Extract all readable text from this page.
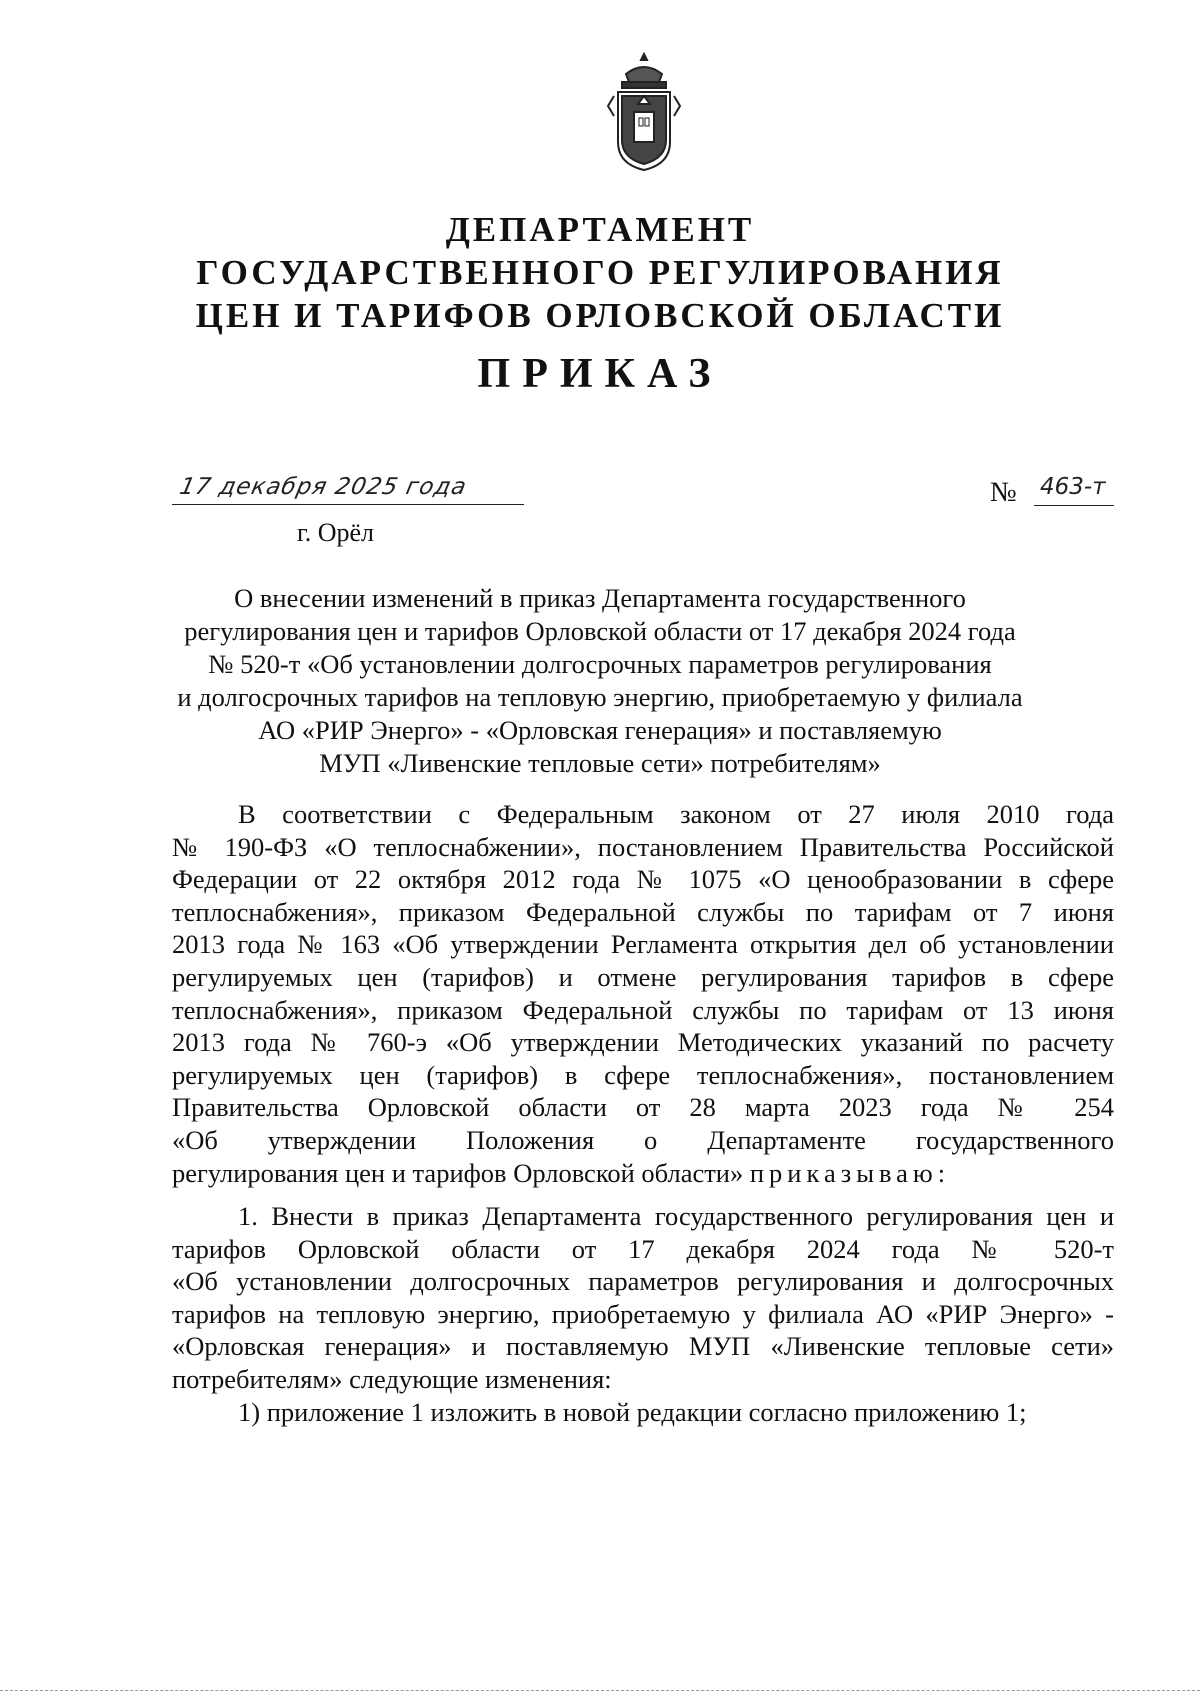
ДЕПАРТАМЕНТ
ГОСУДАРСТВЕННОГО РЕГУЛИРОВАНИЯ
ЦЕН И ТАРИФОВ ОРЛОВСКОЙ ОБЛАСТИ
ПРИКАЗ
17 декабря 2025 года	№ 463-т
г. Орёл
О внесении изменений в приказ Департамента государственного
регулирования цен и тарифов Орловской области от 17 декабря 2024 года
№ 520-т «Об установлении долгосрочных параметров регулирования
и долгосрочных тарифов на тепловую энергию, приобретаемую у филиала
АО «РИР Энерго» - «Орловская генерация» и поставляемую
МУП «Ливенские тепловые сети» потребителям»
В соответствии с Федеральным законом от 27 июля 2010 года
№ 190-ФЗ «О теплоснабжении», постановлением Правительства Российской
Федерации от 22 октября 2012 года № 1075 «О ценообразовании в сфере
теплоснабжения», приказом Федеральной службы по тарифам от 7 июня
2013 года № 163 «Об утверждении Регламента открытия дел об установлении
регулируемых цен (тарифов) и отмене регулирования тарифов в сфере
теплоснабжения», приказом Федеральной службы по тарифам от 13 июня
2013 года № 760-э «Об утверждении Методических указаний по расчету
регулируемых цен (тарифов) в сфере теплоснабжения», постановлением
Правительства Орловской области от 28 марта 2023 года № 254
«Об утверждении Положения о Департаменте государственного
регулирования цен и тарифов Орловской области» приказываю:
1. Внести в приказ Департамента государственного регулирования цен и
тарифов Орловской области от 17 декабря 2024 года № 520-т
«Об установлении долгосрочных параметров регулирования и долгосрочных
тарифов на тепловую энергию, приобретаемую у филиала АО «РИР Энерго» -
«Орловская генерация» и поставляемую МУП «Ливенские тепловые сети»
потребителям» следующие изменения:
1) приложение 1 изложить в новой редакции согласно приложению 1;
